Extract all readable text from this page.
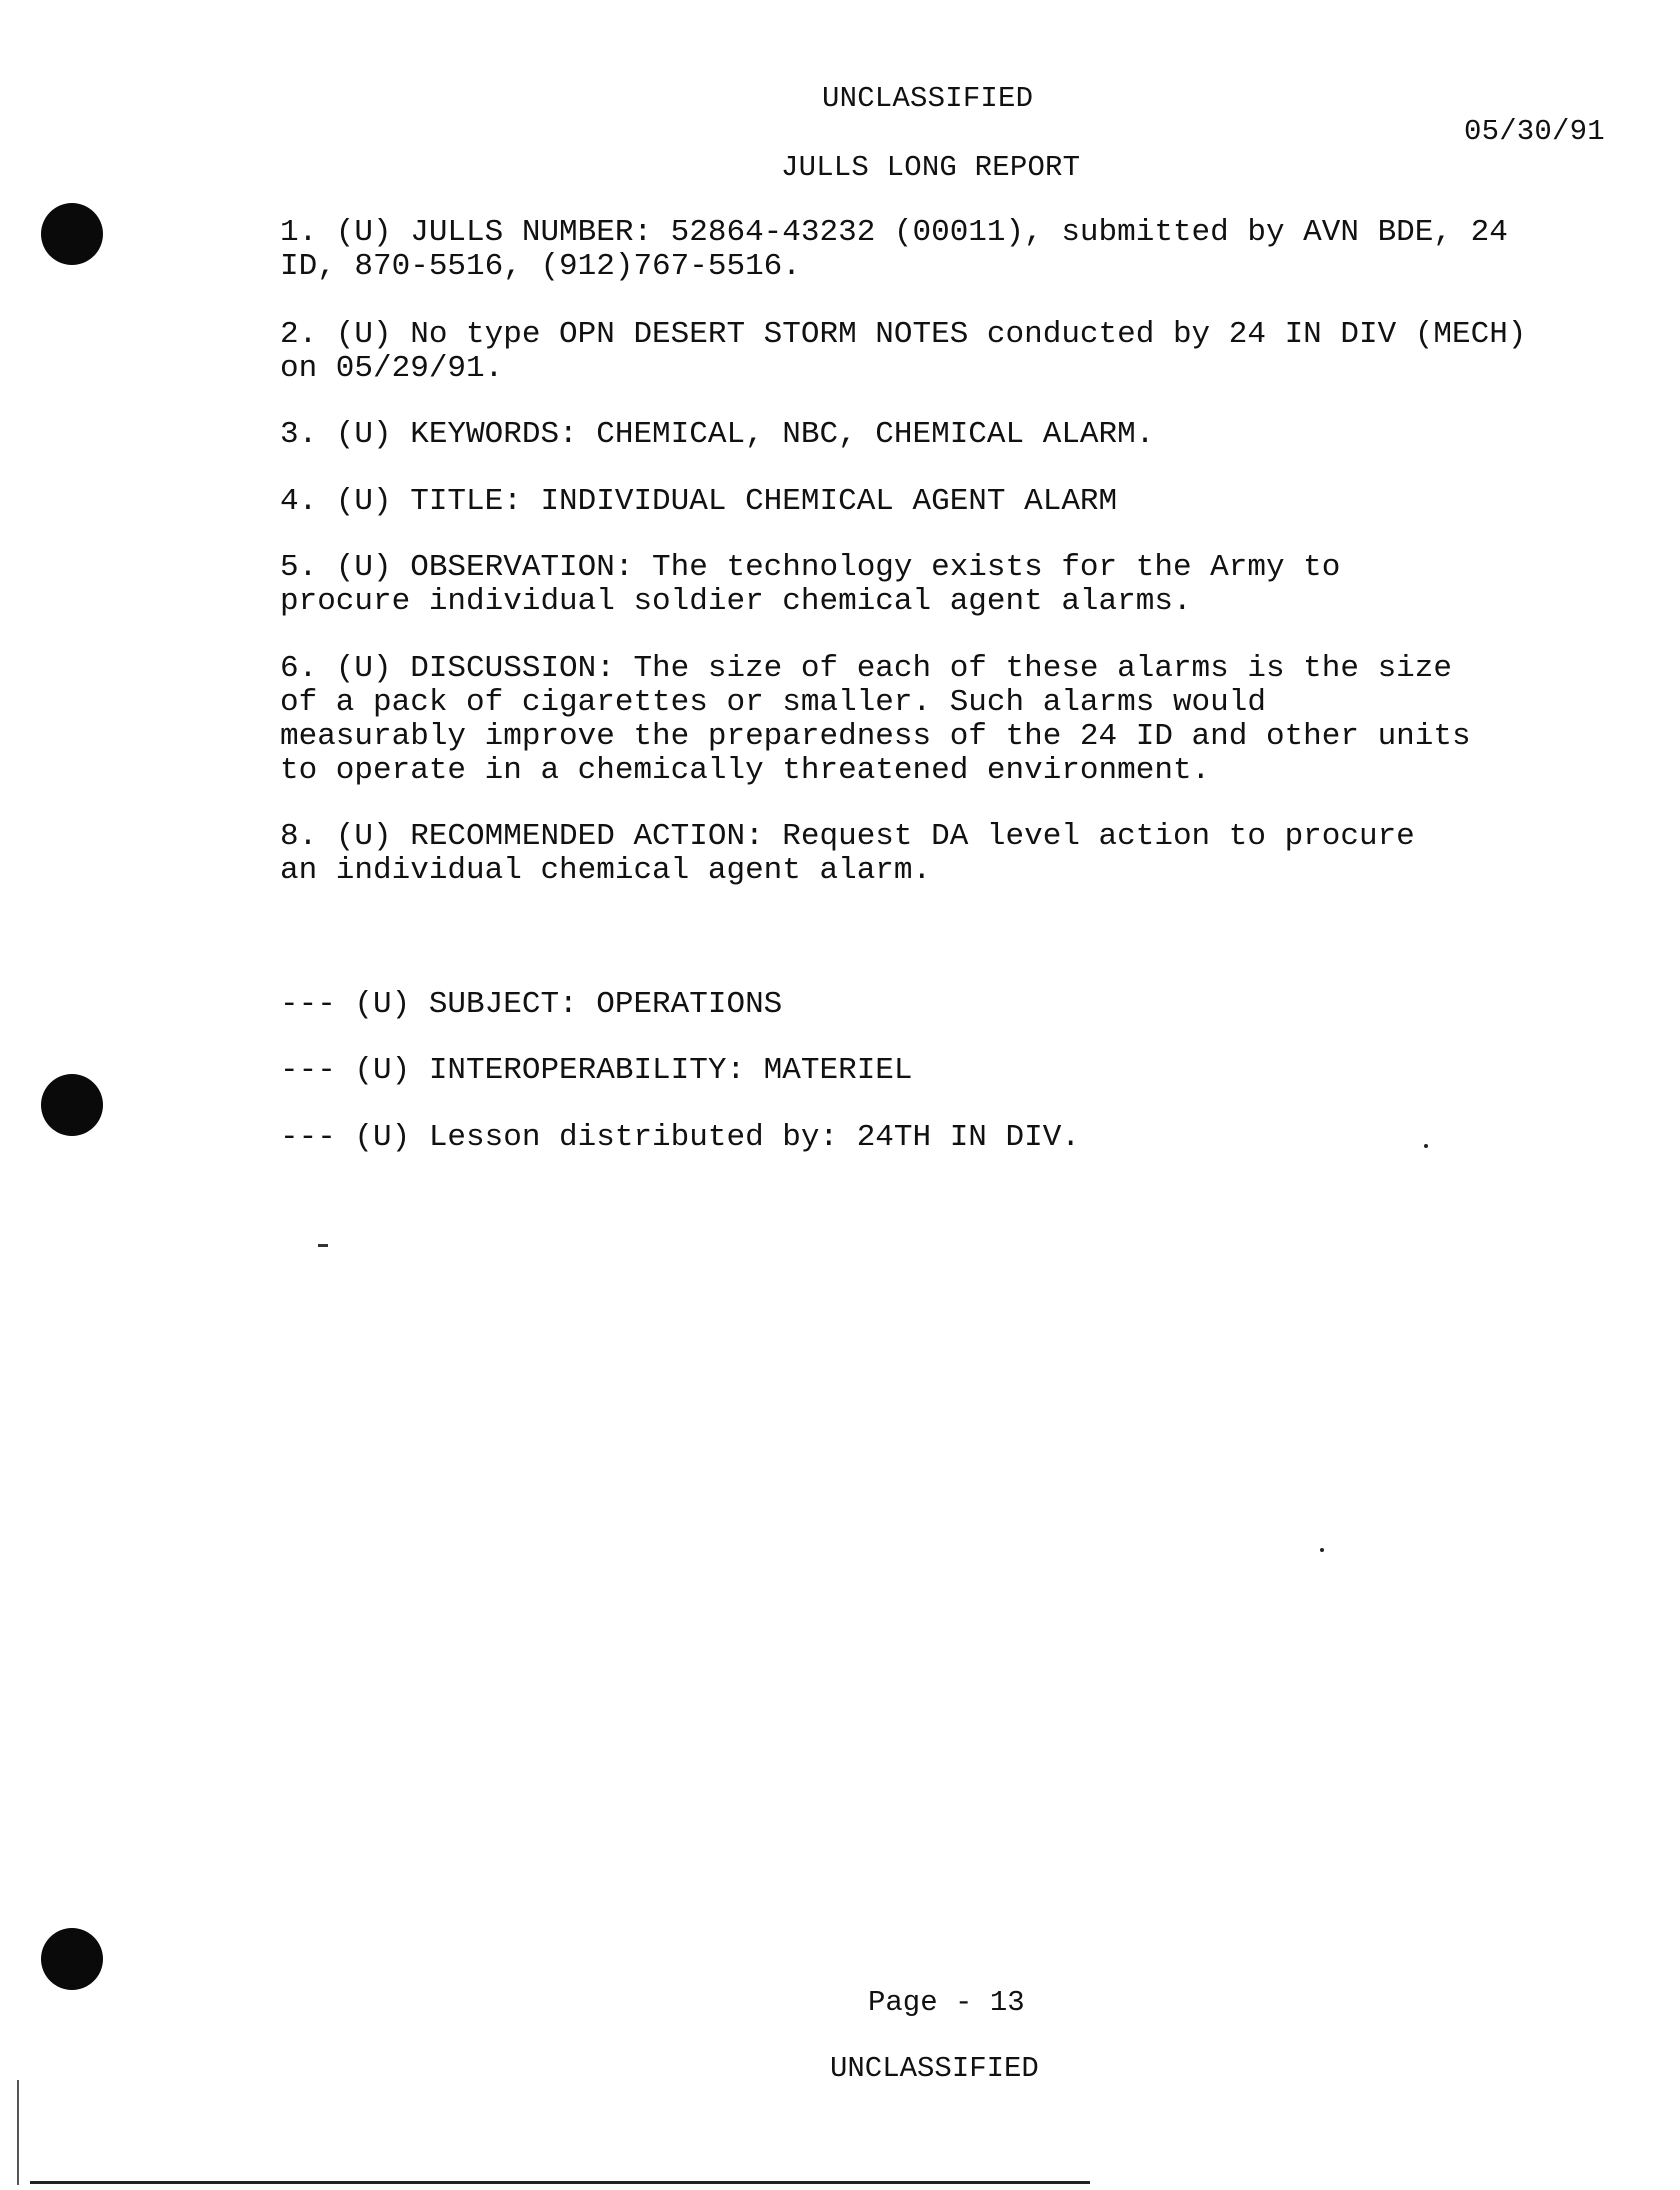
UNCLASSIFIED
05/30/91
JULLS LONG REPORT

1. (U) JULLS NUMBER: 52864-43232 (00011), submitted by AVN BDE, 24
ID, 870-5516, (912)767-5516.

2. (U) No type OPN DESERT STORM NOTES conducted by 24 IN DIV (MECH)
on 05/29/91.

3. (U) KEYWORDS: CHEMICAL, NBC, CHEMICAL ALARM.

4. (U) TITLE: INDIVIDUAL CHEMICAL AGENT ALARM

5. (U) OBSERVATION: The technology exists for the Army to
procure individual soldier chemical agent alarms.

6. (U) DISCUSSION: The size of each of these alarms is the size
of a pack of cigarettes or smaller. Such alarms would
measurably improve the preparedness of the 24 ID and other units
to operate in a chemically threatened environment.

8. (U) RECOMMENDED ACTION: Request DA level action to procure
an individual chemical agent alarm.

--- (U) SUBJECT: OPERATIONS

--- (U) INTEROPERABILITY: MATERIEL

--- (U) Lesson distributed by: 24TH IN DIV.

Page - 13
UNCLASSIFIED
